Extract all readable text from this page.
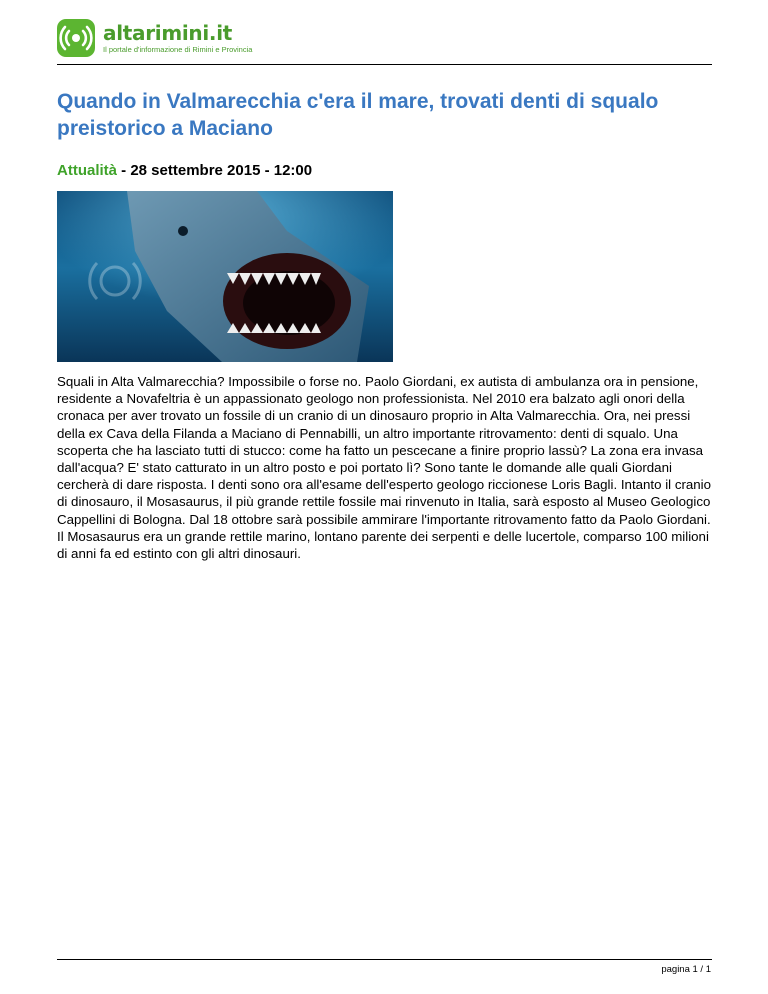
altarimini.it
Il portale d'informazione di Rimini e Provincia
Quando in Valmarecchia c'era il mare, trovati denti di squalo preistorico a Maciano
Attualità - 28 settembre 2015 - 12:00

Squali in Alta Valmarecchia? Impossibile o forse no. Paolo Giordani, ex autista di ambulanza ora in pensione, residente a Novafeltria è un appassionato geologo non professionista. Nel 2010 era balzato agli onori della cronaca per aver trovato un fossile di un cranio di un dinosauro proprio in Alta Valmarecchia. Ora, nei pressi della ex Cava della Filanda a Maciano di Pennabilli, un altro importante ritrovamento: denti di squalo. Una scoperta che ha lasciato tutti di stucco: come ha fatto un pescecane a finire proprio lassù? La zona era invasa dall'acqua? E' stato catturato in un altro posto e poi portato lì? Sono tante le domande alle quali Giordani cercherà di dare risposta. I denti sono ora all'esame dell'esperto geologo riccionese Loris Bagli. Intanto il cranio di dinosauro, il Mosasaurus, il più grande rettile fossile mai rinvenuto in Italia, sarà esposto al Museo Geologico Cappellini di Bologna. Dal 18 ottobre sarà possibile ammirare l'importante ritrovamento fatto da Paolo Giordani. Il Mosasaurus era un grande rettile marino, lontano parente dei serpenti e delle lucertole, comparso 100 milioni di anni fa ed estinto con gli altri dinosauri.

pagina 1 / 1
